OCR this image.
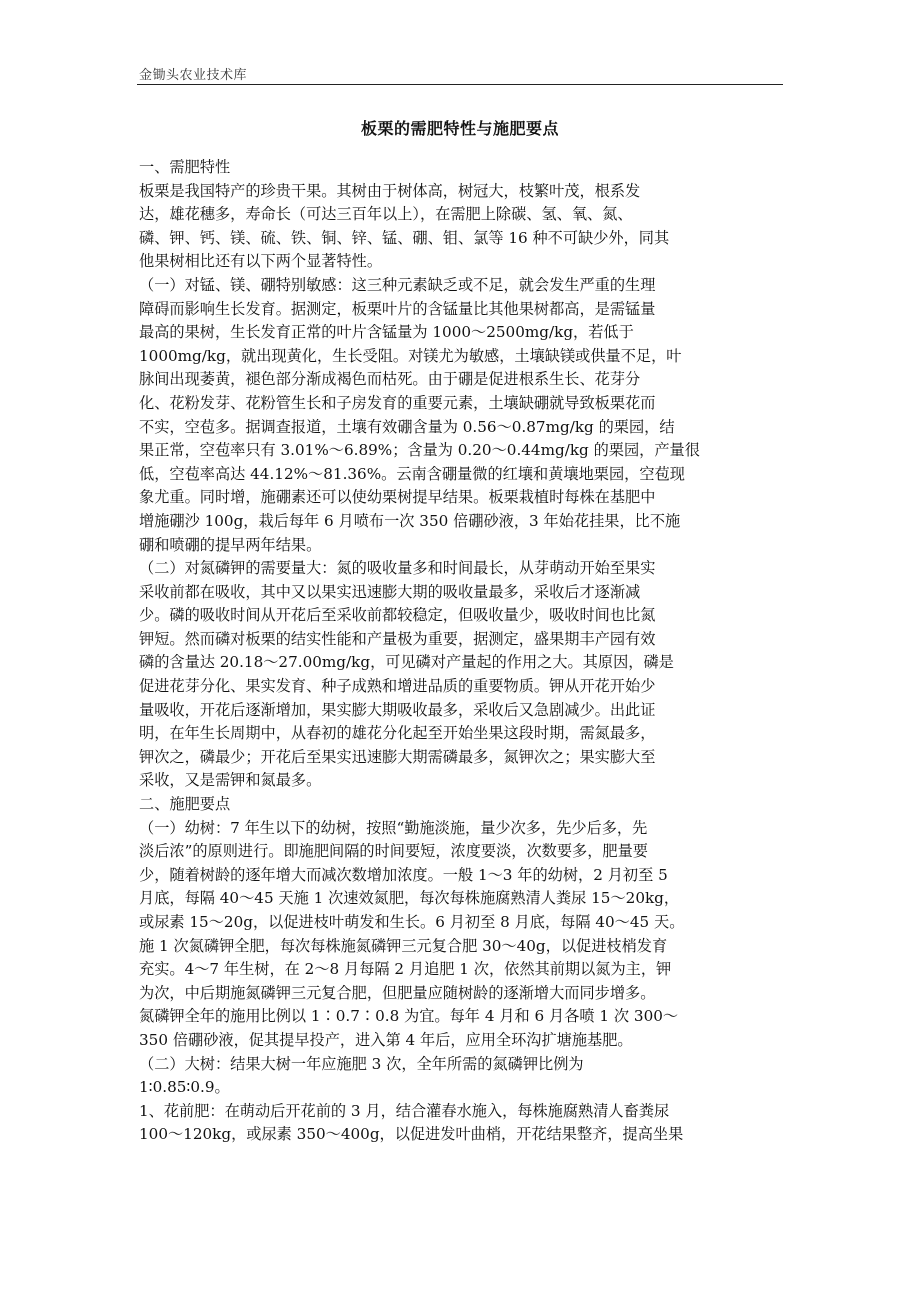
金锄头农业技术库
板栗的需肥特性与施肥要点
一、需肥特性
板栗是我国特产的珍贵干果。其树由于树体高，树冠大，枝繁叶茂，根系发
达，雄花穗多，寿命长（可达三百年以上），在需肥上除碳、氢、氧、氮、
磷、钾、钙、镁、硫、铁、铜、锌、锰、硼、钼、氯等 16 种不可缺少外，同其
他果树相比还有以下两个显著特性。
（一）对锰、镁、硼特别敏感：这三种元素缺乏或不足，就会发生严重的生理
障碍而影响生长发育。据测定，板栗叶片的含锰量比其他果树都高，是需锰量
最高的果树，生长发育正常的叶片含锰量为 1000～2500mg/kg，若低于
1000mg/kg，就出现黄化，生长受阻。对镁尤为敏感，土壤缺镁或供量不足，叶
脉间出现萎黄，褪色部分渐成褐色而枯死。由于硼是促进根系生长、花芽分
化、花粉发芽、花粉管生长和子房发育的重要元素，土壤缺硼就导致板栗花而
不实，空苞多。据调查报道，土壤有效硼含量为 0.56～0.87mg/kg 的栗园，结
果正常，空苞率只有 3.01%～6.89%；含量为 0.20～0.44mg/kg 的栗园，产量很
低，空苞率高达 44.12%～81.36%。云南含硼量微的红壤和黄壤地栗园，空苞现
象尤重。同时增，施硼素还可以使幼栗树提早结果。板栗栽植时每株在基肥中
增施硼沙 100g，栽后每年 6 月喷布一次 350 倍硼砂液，3 年始花挂果，比不施
硼和喷硼的提早两年结果。
（二）对氮磷钾的需要量大：氮的吸收量多和时间最长，从芽萌动开始至果实
采收前都在吸收，其中又以果实迅速膨大期的吸收量最多，采收后才逐渐减
少。磷的吸收时间从开花后至采收前都较稳定，但吸收量少，吸收时间也比氮
钾短。然而磷对板栗的结实性能和产量极为重要，据测定，盛果期丰产园有效
磷的含量达 20.18～27.00mg/kg，可见磷对产量起的作用之大。其原因，磷是
促进花芽分化、果实发育、种子成熟和增进品质的重要物质。钾从开花开始少
量吸收，开花后逐渐增加，果实膨大期吸收最多，采收后又急剧减少。出此证
明，在年生长周期中，从春初的雄花分化起至开始坐果这段时期，需氮最多，
钾次之，磷最少；开花后至果实迅速膨大期需磷最多，氮钾次之；果实膨大至
采收，又是需钾和氮最多。
二、施肥要点
（一）幼树：7 年生以下的幼树，按照“勤施淡施，量少次多，先少后多，先
淡后浓”的原则进行。即施肥间隔的时间要短，浓度要淡，次数要多，肥量要
少，随着树龄的逐年增大而减次数增加浓度。一般 1～3 年的幼树，2 月初至 5
月底，每隔 40～45 天施 1 次速效氮肥，每次每株施腐熟清人粪尿 15～20kg，
或尿素 15～20g，以促进枝叶萌发和生长。6 月初至 8 月底，每隔 40～45 天。
施 1 次氮磷钾全肥，每次每株施氮磷钾三元复合肥 30～40g，以促进枝梢发育
充实。4～7 年生树，在 2～8 月每隔 2 月追肥 1 次，依然其前期以氮为主，钾
为次，中后期施氮磷钾三元复合肥，但肥量应随树龄的逐渐增大而同步增多。
氮磷钾全年的施用比例以 1∶0.7∶0.8 为宜。每年 4 月和 6 月各喷 1 次 300～
350 倍硼砂液，促其提早投产，进入第 4 年后，应用全环沟扩塘施基肥。
（二）大树：结果大树一年应施肥 3 次，全年所需的氮磷钾比例为
1∶0.85∶0.9。
1、花前肥：在萌动后开花前的 3 月，结合灌春水施入，每株施腐熟清人畜粪尿
100～120kg，或尿素 350～400g，以促进发叶曲梢，开花结果整齐，提高坐果
